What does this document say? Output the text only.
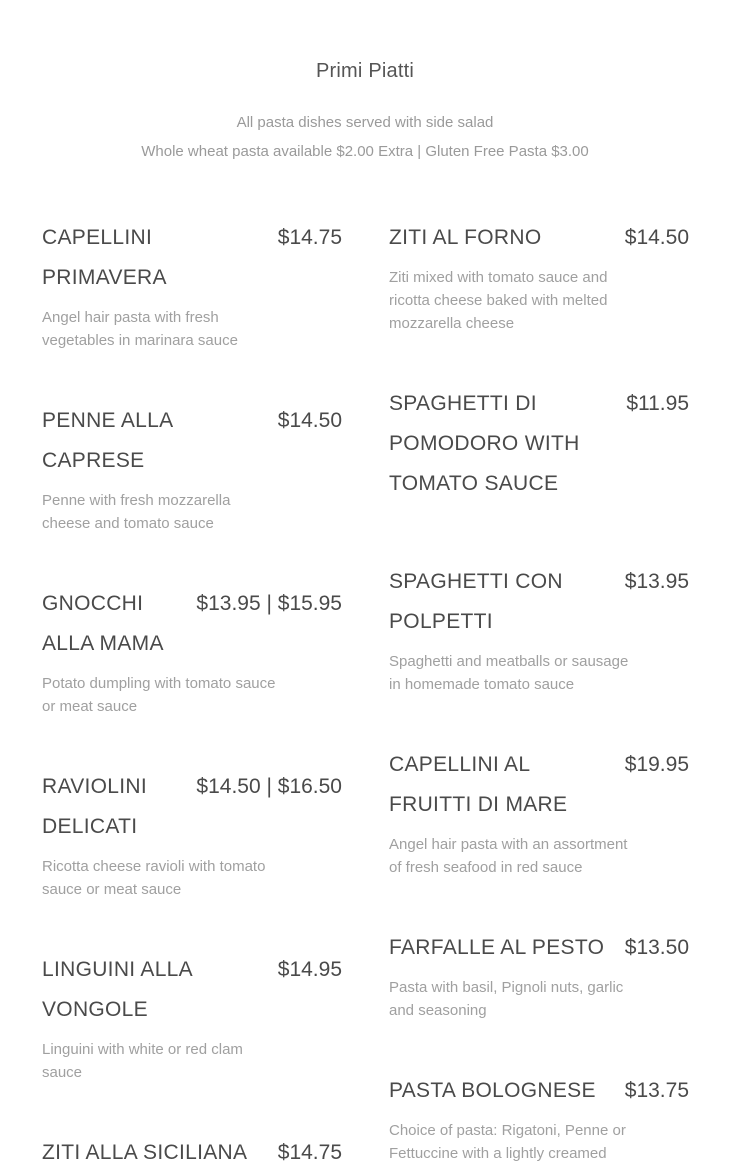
Primi Piatti
All pasta dishes served with side salad
Whole wheat pasta available $2.00 Extra | Gluten Free Pasta $3.00
CAPELLINI
PRIMAVERA
$14.75
Angel hair pasta with fresh
vegetables in marinara sauce
PENNE ALLA
CAPRESE
$14.50
Penne with fresh mozzarella
cheese and tomato sauce
GNOCCHI
ALLA MAMA
$13.95 | $15.95
Potato dumpling with tomato sauce
or meat sauce
RAVIOLINI
DELICATI
$14.50 | $16.50
Ricotta cheese ravioli with tomato
sauce or meat sauce
LINGUINI ALLA
VONGOLE
$14.95
Linguini with white or red clam
sauce
ZITI ALLA SICILIANA $14.75
ZITI AL FORNO	$14.50
Ziti mixed with tomato sauce and
ricotta cheese baked with melted
mozzarella cheese
SPAGHETTI DI
POMODORO WITH
TOMATO SAUCE
$11.95
SPAGHETTI CON
POLPETTI
$13.95
Spaghetti and meatballs or sausage
in homemade tomato sauce
CAPELLINI AL
FRUITTI DI MARE
$19.95
Angel hair pasta with an assortment
of fresh seafood in red sauce
FARFALLE AL PESTO $13.50
Pasta with basil, Pignoli nuts, garlic
and seasoning
PASTA BOLOGNESE $13.75
Choice of pasta: Rigatoni, Penne or
Fettuccine with a lightly creamed
